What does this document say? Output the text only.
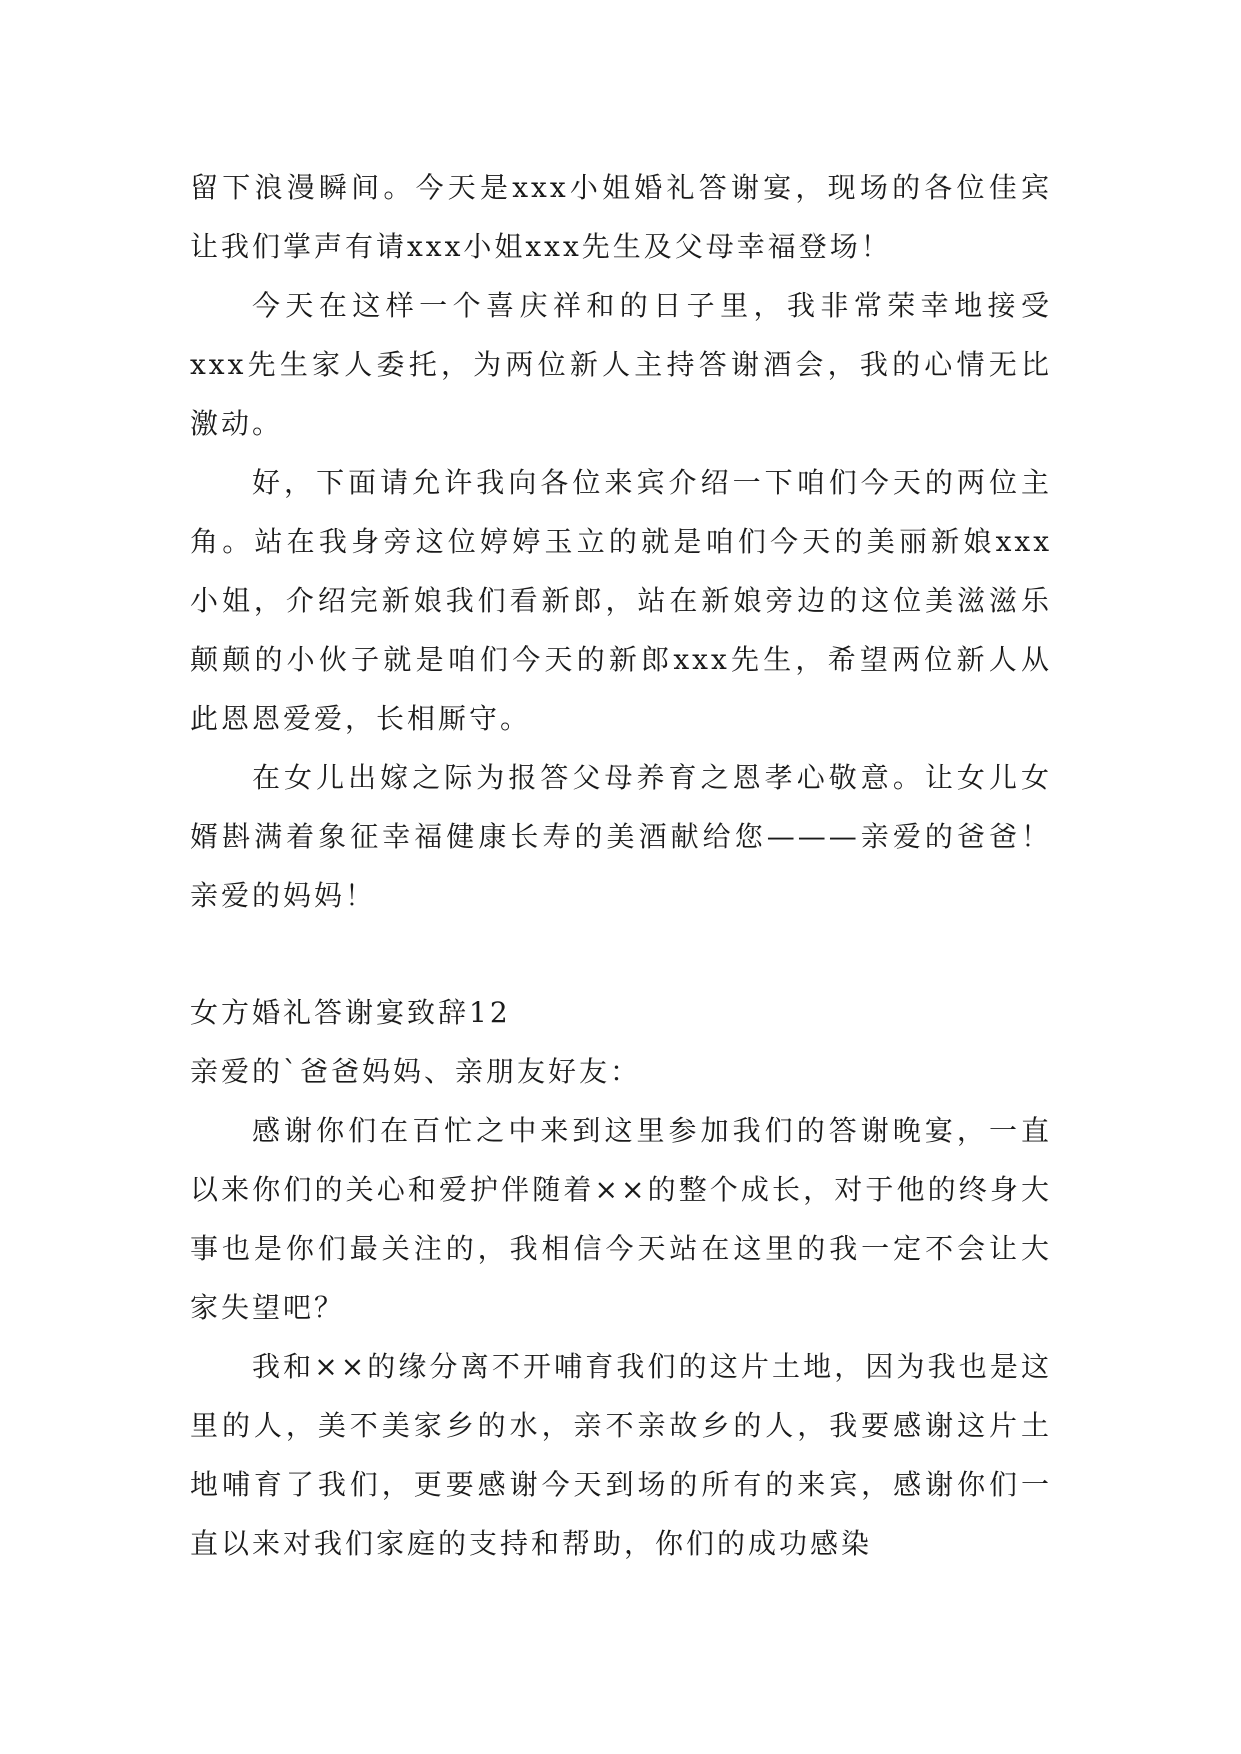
留下浪漫瞬间。今天是xxx小姐婚礼答谢宴，现场的各位佳宾让我们掌声有请xxx小姐xxx先生及父母幸福登场！

今天在这样一个喜庆祥和的日子里，我非常荣幸地接受xxx先生家人委托，为两位新人主持答谢酒会，我的心情无比激动。

好，下面请允许我向各位来宾介绍一下咱们今天的两位主角。站在我身旁这位婷婷玉立的就是咱们今天的美丽新娘xxx小姐，介绍完新娘我们看新郎，站在新娘旁边的这位美滋滋乐颠颠的小伙子就是咱们今天的新郎xxx先生，希望两位新人从此恩恩爱爱，长相厮守。

在女儿出嫁之际为报答父母养育之恩孝心敬意。让女儿女婿斟满着象征幸福健康长寿的美酒献给您———亲爱的爸爸！亲爱的妈妈！

女方婚礼答谢宴致辞12

亲爱的`爸爸妈妈、亲朋友好友：

感谢你们在百忙之中来到这里参加我们的答谢晚宴，一直以来你们的关心和爱护伴随着××的整个成长，对于他的终身大事也是你们最关注的，我相信今天站在这里的我一定不会让大家失望吧？

我和××的缘分离不开哺育我们的这片土地，因为我也是这里的人，美不美家乡的水，亲不亲故乡的人，我要感谢这片土地哺育了我们，更要感谢今天到场的所有的来宾，感谢你们一直以来对我们家庭的支持和帮助，你们的成功感染
